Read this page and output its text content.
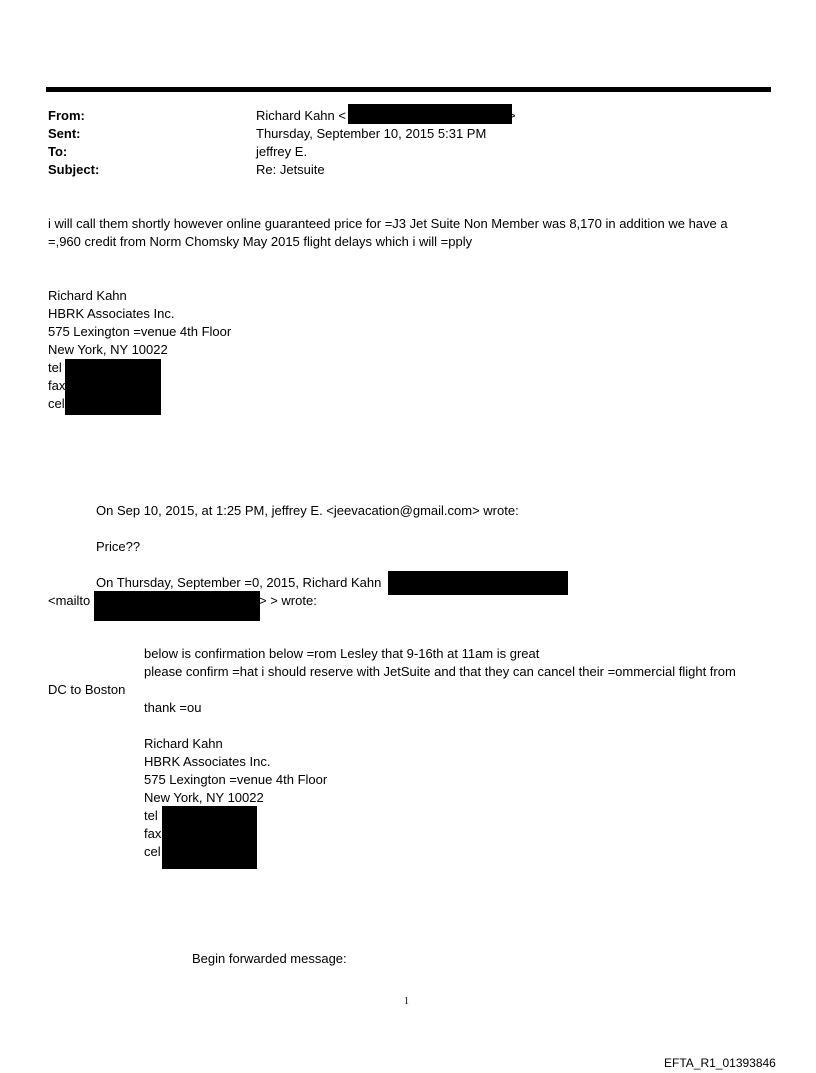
From:	Richard Kahn <	>
Sent:	Thursday, September 10, 2015 5:31 PM
To:	jeffrey E.
Subject:	Re: Jetsuite
i will call them shortly however online guaranteed price for =J3 Jet Suite Non Member was 8,170 in addition we have a
=,960 credit from Norm Chomsky May 2015 flight delays which i will =pply
Richard Kahn
HBRK Associates Inc.
575 Lexington =venue 4th Floor
New York, NY 10022
tel
fax
cel
On Sep 10, 2015, at 1:25 PM, jeffrey E. <jeevacation@gmail.com> wrote:
Price??
On Thursday, September =0, 2015, Richard Kahn
<mailto	> > wrote:
below is confirmation below =rom Lesley that 9-16th at 11am is great
please confirm =hat i should reserve with JetSuite and that they can cancel their =ommercial flight from
DC to Boston
thank =ou
Richard Kahn
HBRK Associates Inc.
575 Lexington =venue 4th Floor
New York, NY 10022
tel
fax
cel
Begin forwarded message:
1
EFTA_R1_01393846
